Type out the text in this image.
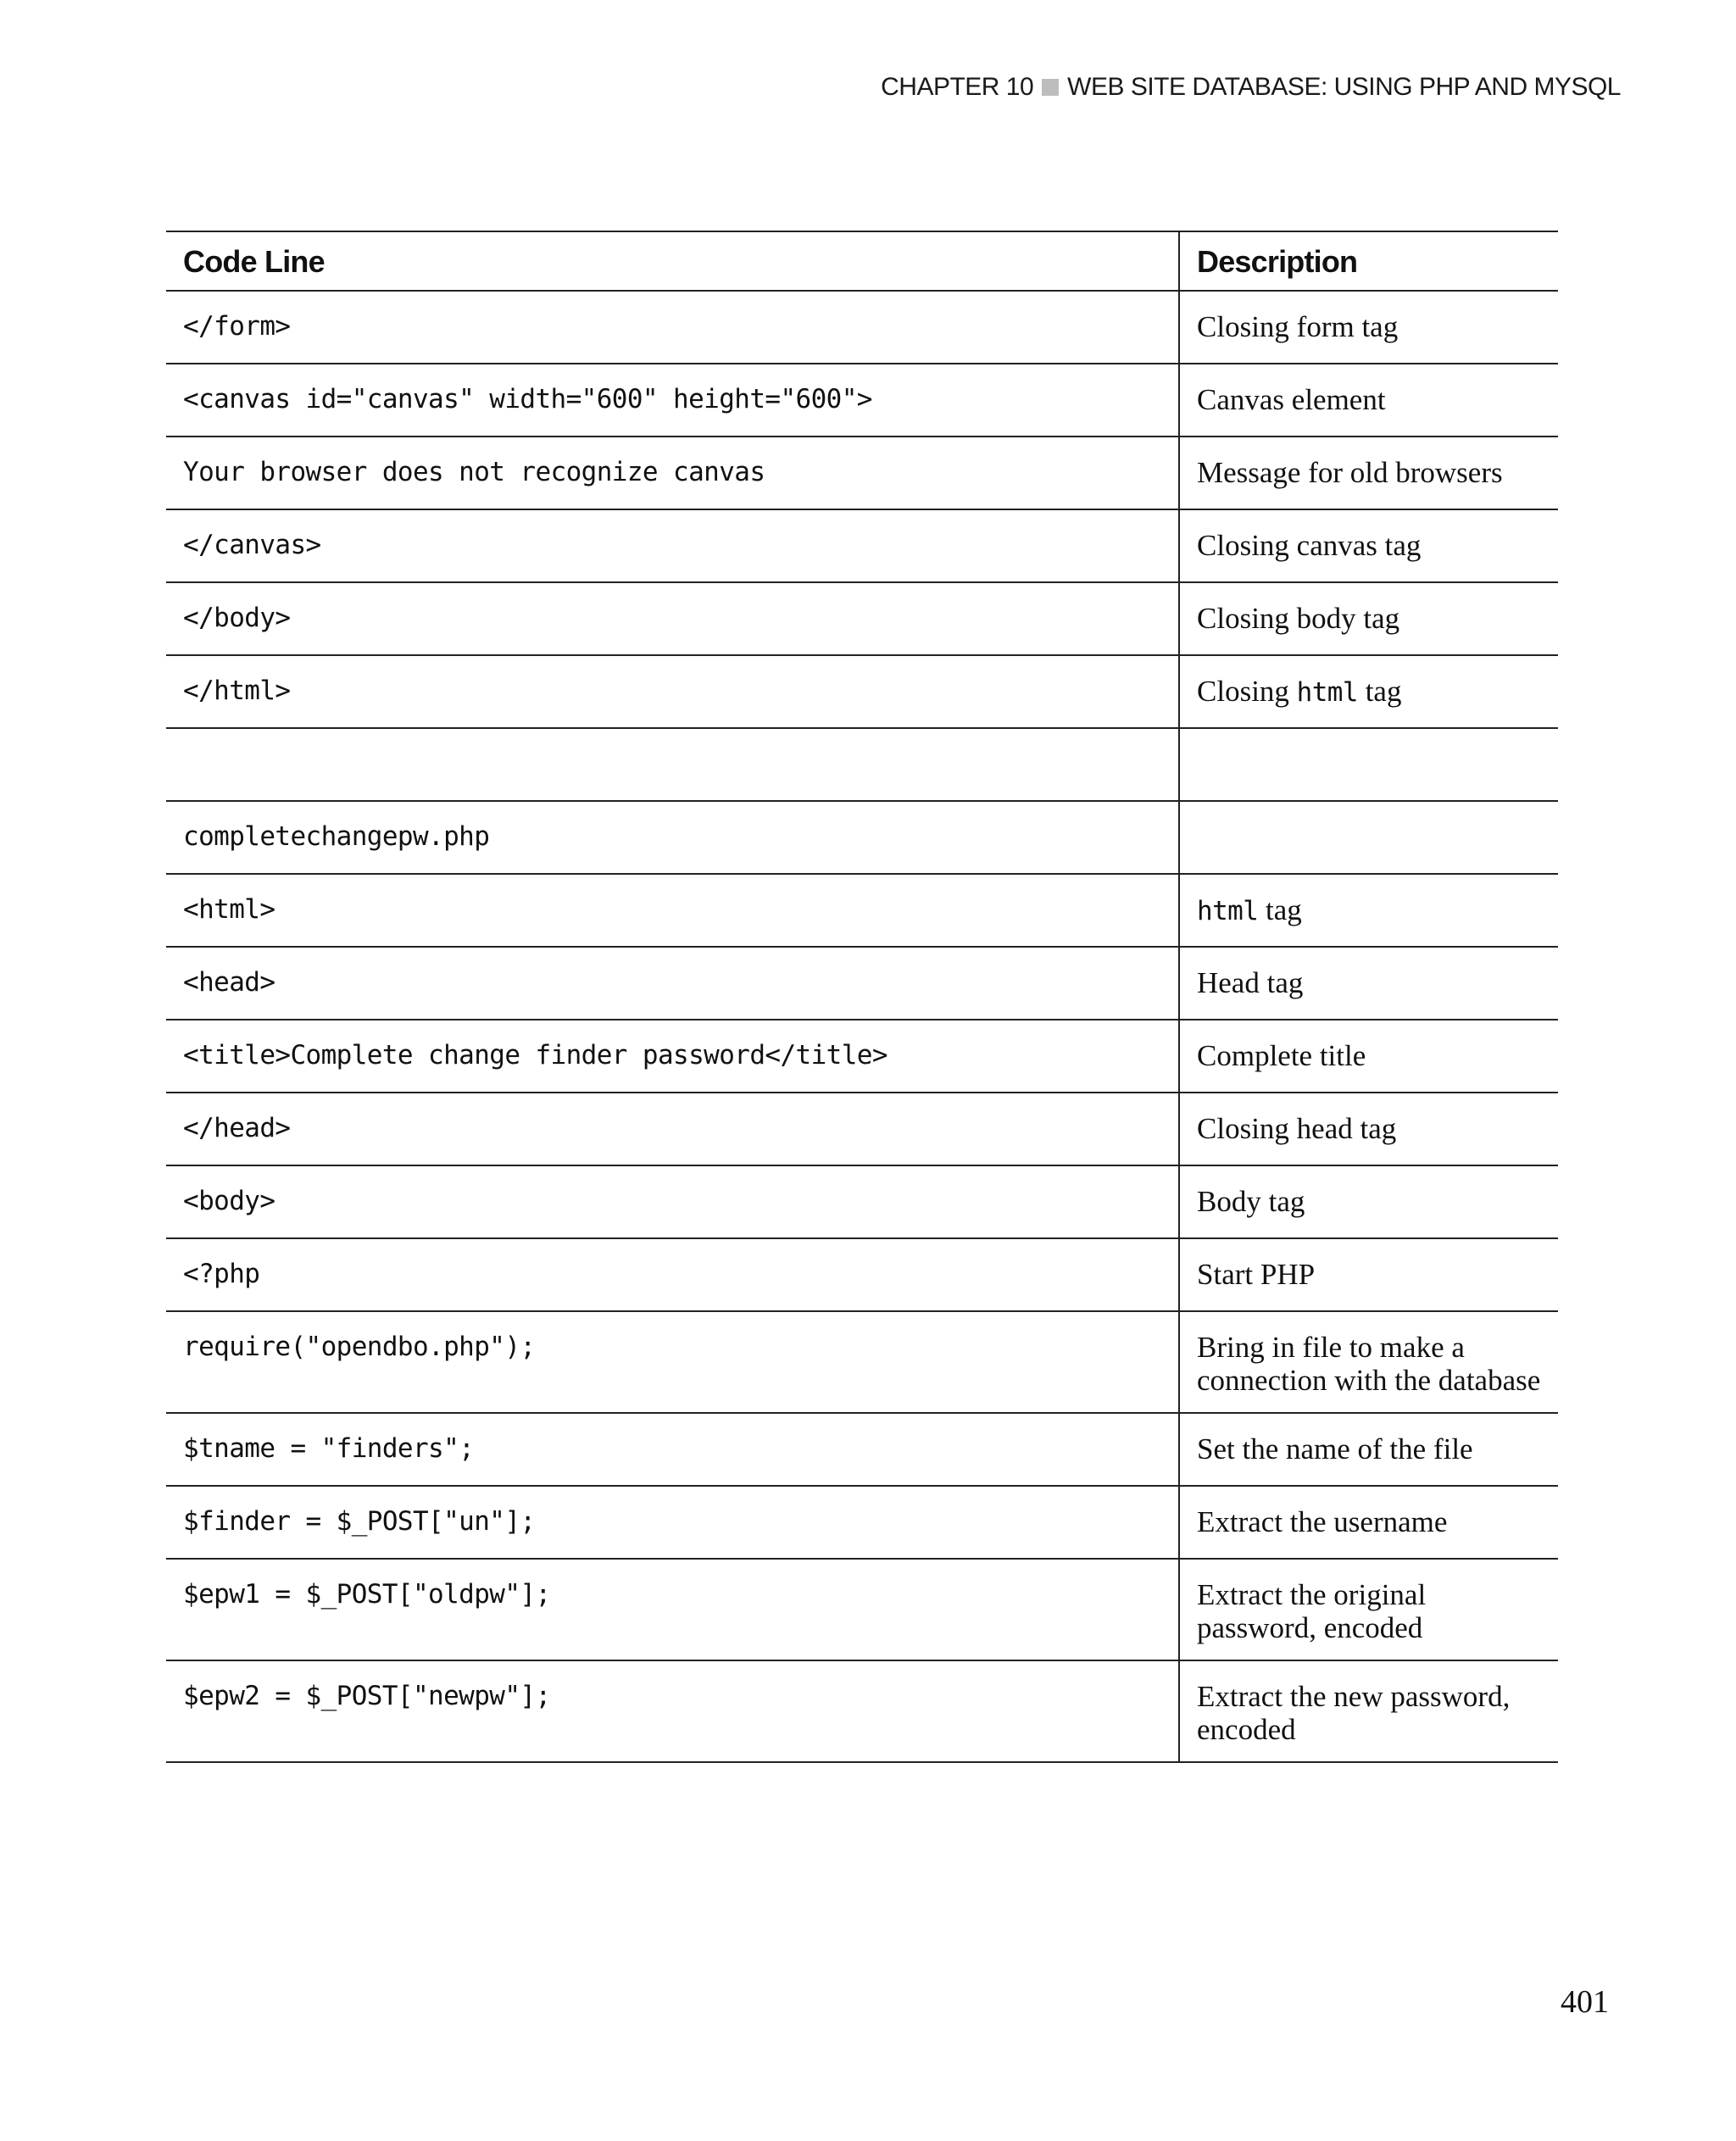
CHAPTER 10 WEB SITE DATABASE: USING PHP AND MYSQL
Code Line	Description
</form>	Closing form tag
<canvas id="canvas" width="600" height="600">	Canvas element
Your browser does not recognize canvas	Message for old browsers
</canvas>	Closing canvas tag
</body>	Closing body tag
</html>	Closing html tag

completechangepw.php	
<html>	html tag
<head>	Head tag
<title>Complete change finder password</title>	Complete title
</head>	Closing head tag
<body>	Body tag
<?php	Start PHP
require("opendbo.php");	Bring in file to make a connection with the database
$tname = "finders";	Set the name of the file
$finder = $_POST["un"];	Extract the username
$epw1 = $_POST["oldpw"];	Extract the original password, encoded
$epw2 = $_POST["newpw"];	Extract the new password, encoded
401
